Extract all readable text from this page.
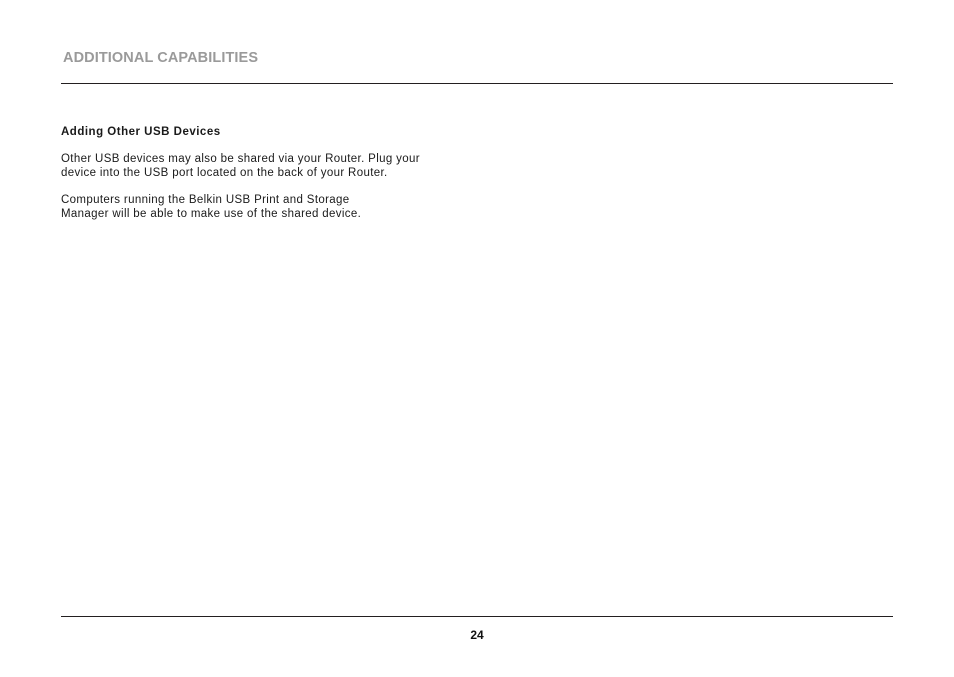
ADDITIONAL CAPABILITIES
Adding Other USB Devices

Other USB devices may also be shared via your Router. Plug your
device into the USB port located on the back of your Router.

Computers running the Belkin USB Print and Storage
Manager will be able to make use of the shared device.

24
